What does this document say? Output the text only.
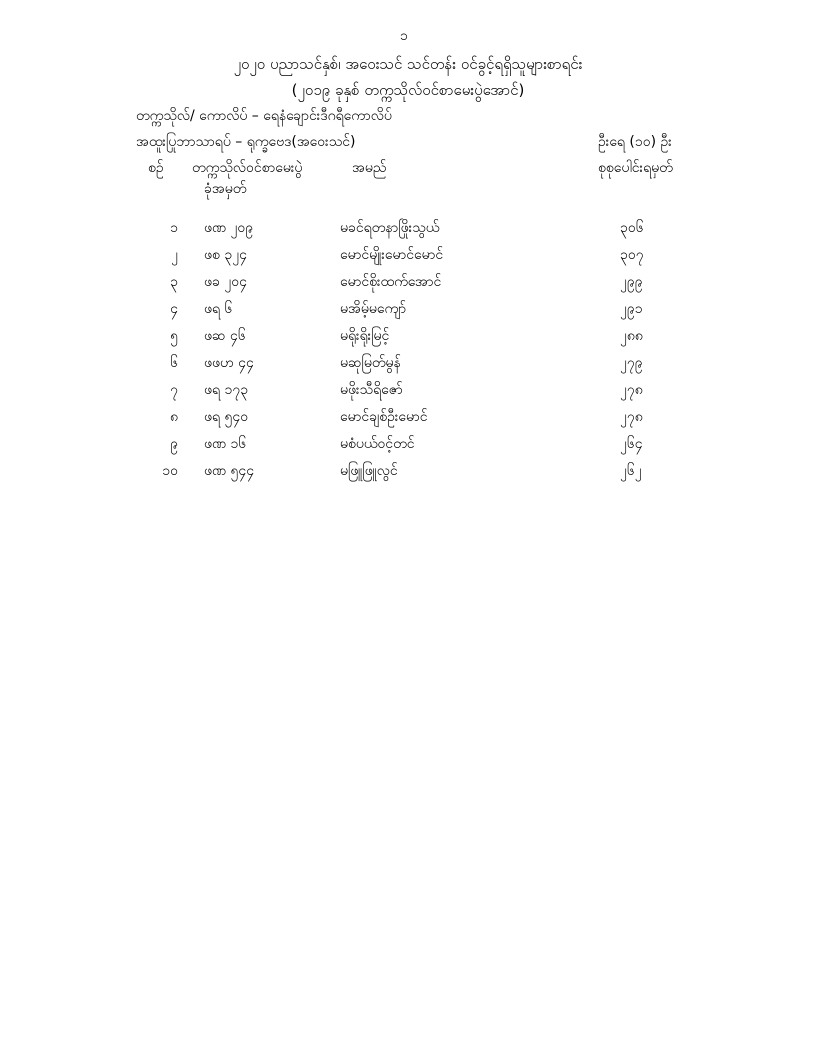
၁
၂၀၂၀ ပညာသင်နှစ်၊ အဝေးသင် သင်တန်း ဝင်ခွင့်ရရှိသူများစာရင်း
(၂၀၁၉ ခုနှစ် တက္ကသိုလ်ဝင်စာမေးပွဲအောင်)
တက္ကသိုလ်/ ကောလိပ် – ရေနံချောင်းဒီဂရီကောလိပ်
အထူးပြုဘာသာရပ် – ရုက္ခဗေဒ(အဝေးသင်)	ဦးရေ (၁၀) ဦး
စဉ် တက္ကသိုလ်ဝင်စာမေးပွဲ
ခုံအမှတ်
အမည်	စုစုပေါင်းရမှတ်
၁ ဖဏ ၂၀၉	မခင်ရတနာဖြိုးသွယ်	၃၀၆
၂ ဖစ ၃၂၄	မောင်မျိုးမောင်မောင်	၃၀၇
၃ ဖခ ၂၀၄	မောင်စိုးထက်အောင်	၂၉၉
၄ ဖရ ၆	မအိမ့်မကျော်	၂၉၁
၅ ဖဆ ၄၆	မရိုးရိုးမြင့်	၂၈၈
၆ ဖဖဟ ၄၄	မဆုမြတ်မွန်	၂၇၉
၇ ဖရ ၁၇၃	မဖိုးသီရိဇော်	၂၇၈
၈ ဖရ ၅၄၀	မောင်ချစ်ဦးမောင်	၂၇၈
၉ ဖဏ ၁၆	မစံပယ်ဝင့်တင်	၂၆၄
၁၀ ဖဏ ၅၄၄	မဖြူဖြူလွင်	၂၆၂
